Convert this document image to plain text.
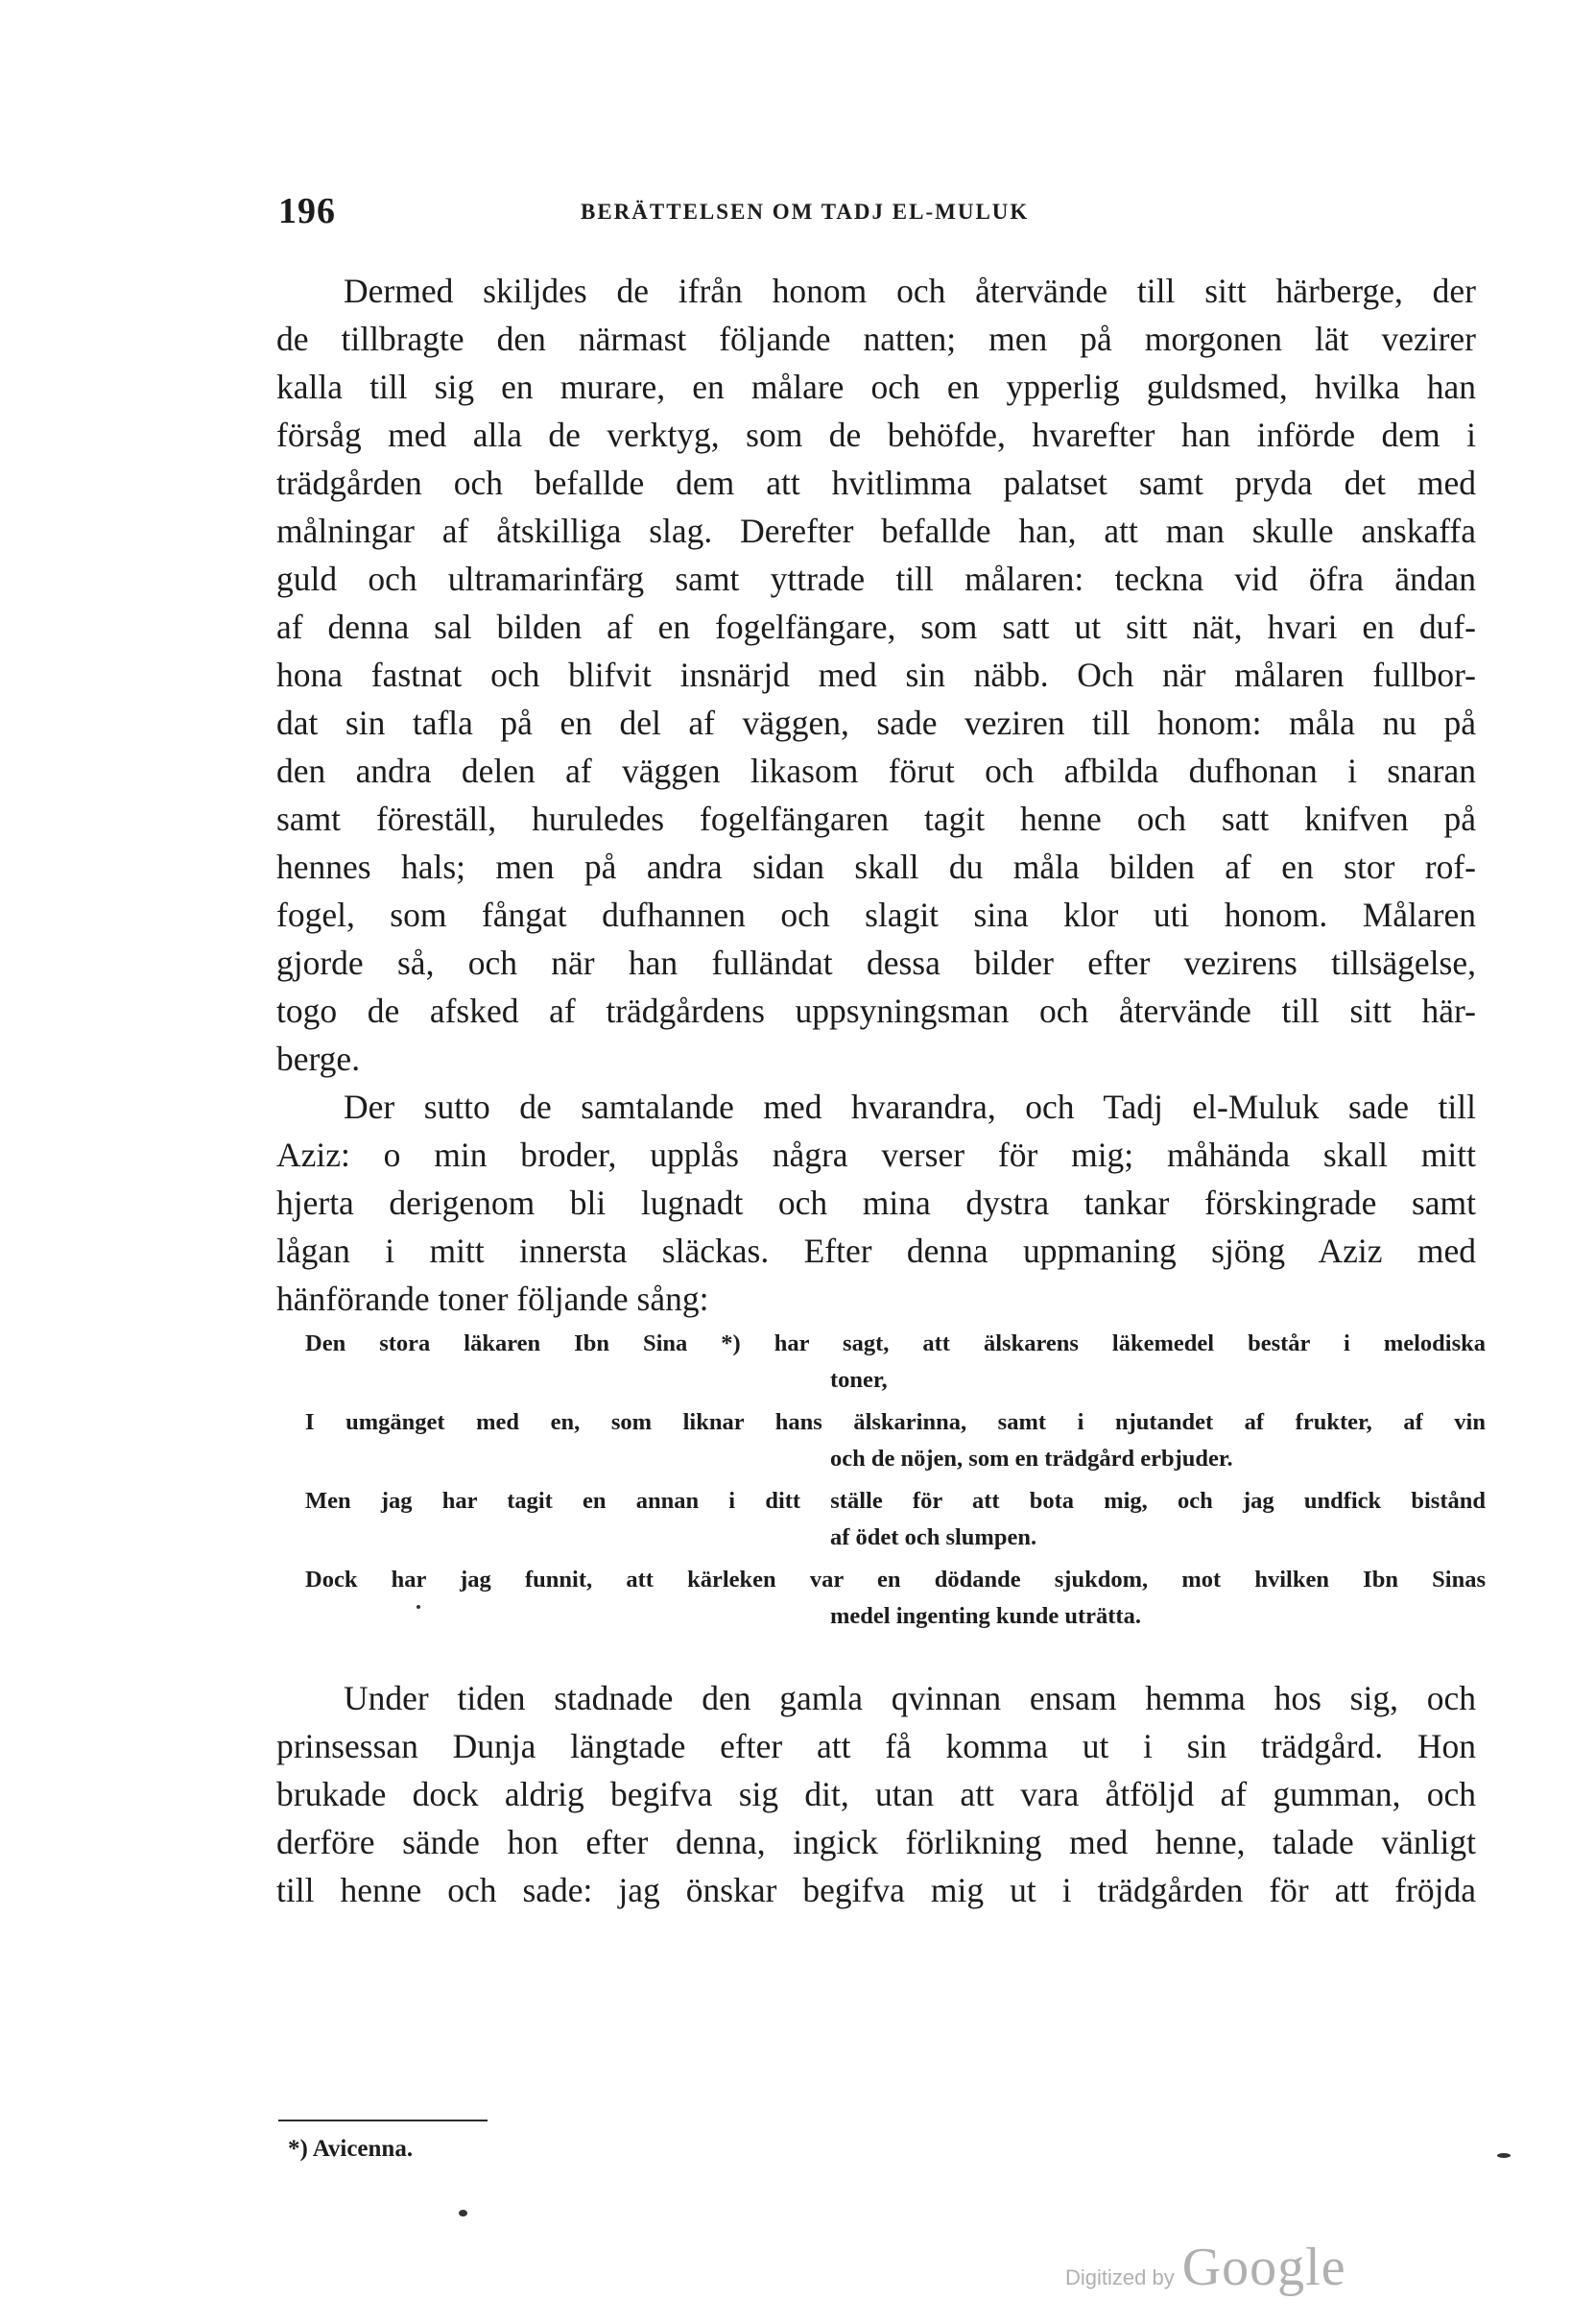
196	BERÄTTELSEN OM TADJ EL-MULUK
Dermed skiljdes de ifrån honom och återvände till sitt härberge, der
de tillbragte den närmast följande natten; men på morgonen lät vezirer
kalla till sig en murare, en målare och en ypperlig guldsmed, hvilka han
försåg med alla de verktyg, som de behöfde, hvarefter han införde dem i
trädgården och befallde dem att hvitlimma palatset samt pryda det med
målningar af åtskilliga slag. Derefter befallde han, att man skulle anskaffa
guld och ultramarinfärg samt yttrade till målaren: teckna vid öfra ändan
af denna sal bilden af en fogelfängare, som satt ut sitt nät, hvari en duf-
hona fastnat och blifvit insnärjd med sin näbb. Och när målaren fullbor-
dat sin tafla på en del af väggen, sade veziren till honom: måla nu på
den andra delen af väggen likasom förut och afbilda dufhonan i snaran
samt föreställ, huruledes fogelfängaren tagit henne och satt knifven på
hennes hals; men på andra sidan skall du måla bilden af en stor rof-
fogel, som fångat dufhannen och slagit sina klor uti honom. Målaren
gjorde så, och när han fulländat dessa bilder efter vezirens tillsägelse,
togo de afsked af trädgårdens uppsyningsman och återvände till sitt här-
berge.
Der sutto de samtalande med hvarandra, och Tadj el-Muluk sade till
Aziz: o min broder, upplås några verser för mig; måhända skall mitt
hjerta derigenom bli lugnadt och mina dystra tankar förskingrade samt
lågan i mitt innersta släckas. Efter denna uppmaning sjöng Aziz med
hänförande toner följande sång:
Den stora läkaren Ibn Sina *) har sagt, att älskarens läkemedel består i melodiska
toner,
I umgänget med en, som liknar hans älskarinna, samt i njutandet af frukter, af vin
och de nöjen, som en trädgård erbjuder.
Men jag har tagit en annan i ditt ställe för att bota mig, och jag undfick bistånd
af ödet och slumpen.
Dock har jag funnit, att kärleken var en dödande sjukdom, mot hvilken Ibn Sinas
medel ingenting kunde uträtta.
Under tiden stadnade den gamla qvinnan ensam hemma hos sig, och
prinsessan Dunja längtade efter att få komma ut i sin trädgård. Hon
brukade dock aldrig begifva sig dit, utan att vara åtföljd af gumman, och
derföre sände hon efter denna, ingick förlikning med henne, talade vänligt
till henne och sade: jag önskar begifva mig ut i trädgården för att fröjda
*) Avicenna.
Digitized by Google
